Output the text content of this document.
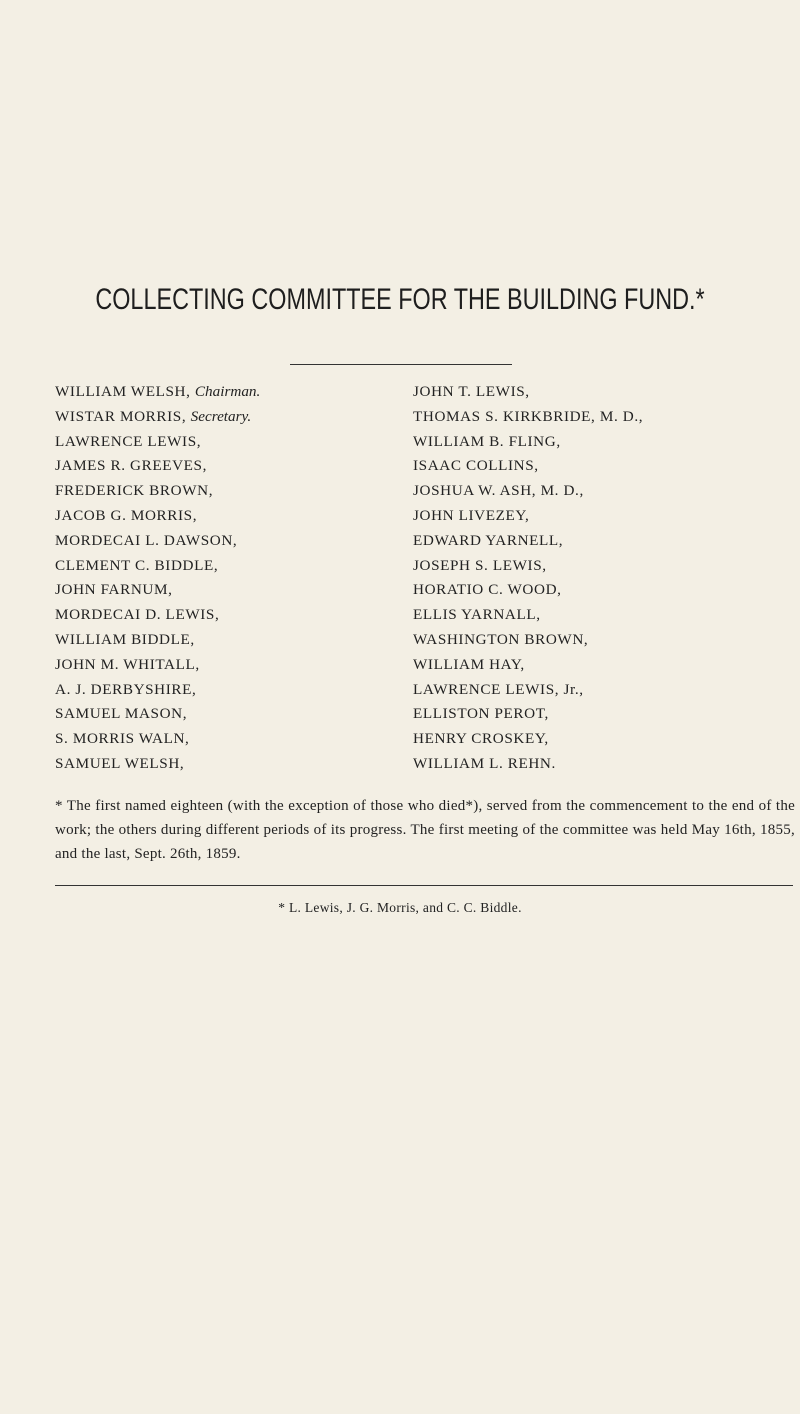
COLLECTING COMMITTEE FOR THE BUILDING FUND.*
WILLIAM WELSH, Chairman.
WISTAR MORRIS, Secretary.
LAWRENCE LEWIS,
JAMES R. GREEVES,
FREDERICK BROWN,
JACOB G. MORRIS,
MORDECAI L. DAWSON,
CLEMENT C. BIDDLE,
JOHN FARNUM,
MORDECAI D. LEWIS,
WILLIAM BIDDLE,
JOHN M. WHITALL,
A. J. DERBYSHIRE,
SAMUEL MASON,
S. MORRIS WALN,
SAMUEL WELSH,
JOHN T. LEWIS,
THOMAS S. KIRKBRIDE, M. D.,
WILLIAM B. FLING,
ISAAC COLLINS,
JOSHUA W. ASH, M. D.,
JOHN LIVEZEY,
EDWARD YARNELL,
JOSEPH S. LEWIS,
HORATIO C. WOOD,
ELLIS YARNALL,
WASHINGTON BROWN,
WILLIAM HAY,
LAWRENCE LEWIS, Jr.,
ELLISTON PEROT,
HENRY CROSKEY,
WILLIAM L. REHN.

* The first named eighteen (with the exception of those who died*), served from the commencement to the end of the work; the others during different periods of its progress. The first meeting of the committee was held May 16th, 1855, and the last, Sept. 26th, 1859.

* L. Lewis, J. G. Morris, and C. C. Biddle.
